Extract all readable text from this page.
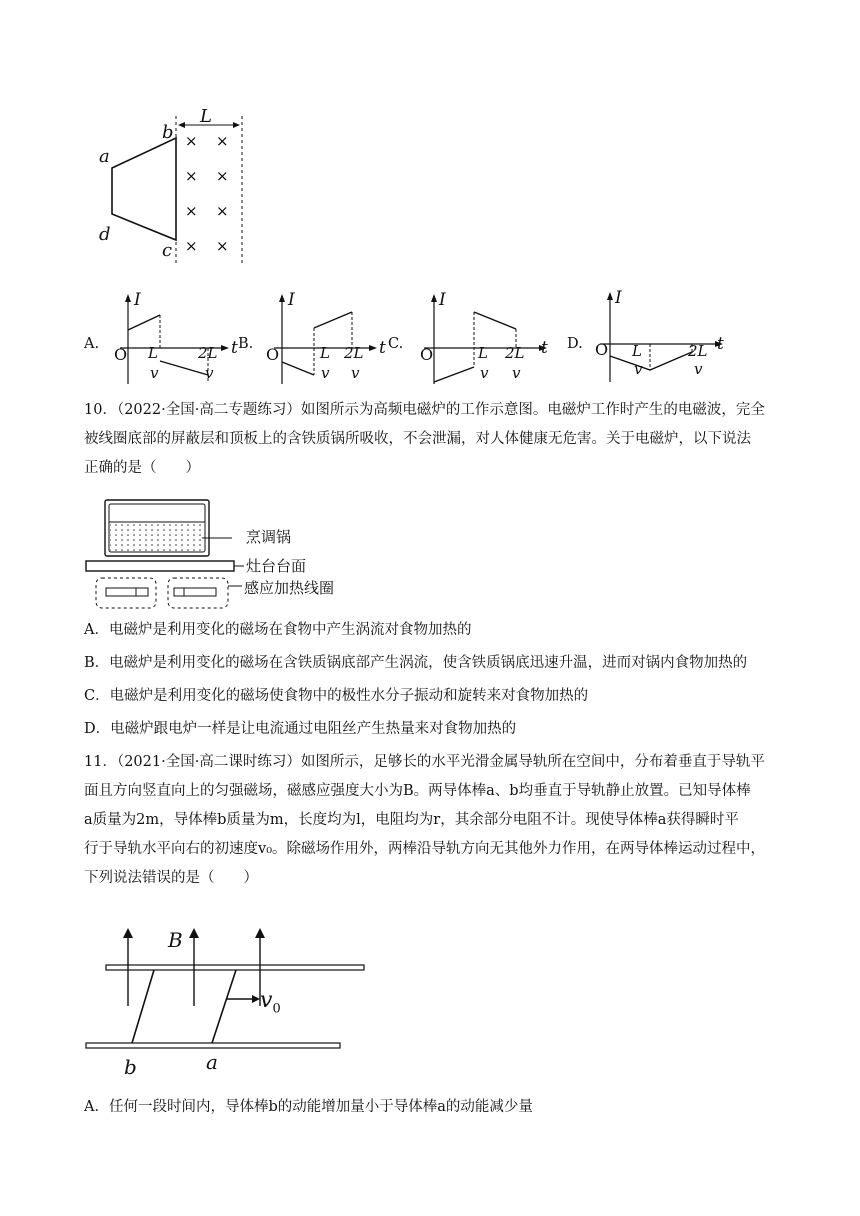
× ×
× ×
× ×
× ×
L
a
b
c
d
A.	B.	C.	D.
I
t
O L
v
2L
v
I
t
O	L
v
2L
v
I
t
O	L
v
2L
v
I
t
O L
v
2L
v
10．（2022·全国·高二专题练习）如图所示为高频电磁炉的工作示意图。电磁炉工作时产生的电磁波，完全
被线圈底部的屏蔽层和顶板上的含铁质锅所吸收，不会泄漏，对人体健康无危害。关于电磁炉，以下说法
正确的是（　　）
烹调锅
灶台台面
感应加热线圈
A．电磁炉是利用变化的磁场在食物中产生涡流对食物加热的
B．电磁炉是利用变化的磁场在含铁质锅底部产生涡流，使含铁质锅底迅速升温，进而对锅内食物加热的
C．电磁炉是利用变化的磁场使食物中的极性水分子振动和旋转来对食物加热的
D．电磁炉跟电炉一样是让电流通过电阻丝产生热量来对食物加热的
11．（2021·全国·高二课时练习）如图所示，足够长的水平光滑金属导轨所在空间中，分布着垂直于导轨平
面且方向竖直向上的匀强磁场，磁感应强度大小为B。两导体棒a、b均垂直于导轨静止放置。已知导体棒
a质量为2m，导体棒b质量为m，长度均为l，电阻均为r，其余部分电阻不计。现使导体棒a获得瞬时平
行于导轨水平向右的初速度v₀。除磁场作用外，两棒沿导轨方向无其他外力作用，在两导体棒运动过程中，
下列说法错误的是（　　）
B
$v_0$
b	a
A．任何一段时间内，导体棒b的动能增加量小于导体棒a的动能减少量
